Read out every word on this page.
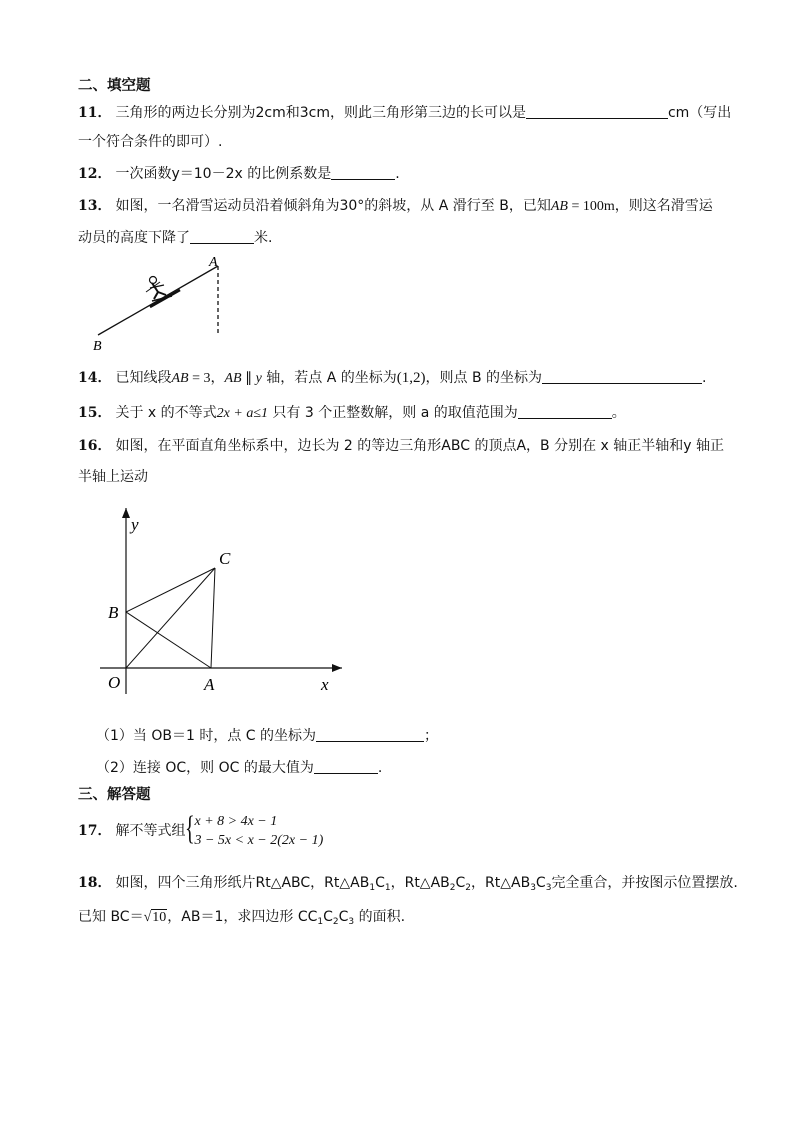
二、填空题
11． 三角形的两边长分别为2cm和3cm，则此三角形第三边的长可以是	cm（写出
一个符合条件的即可）.
12． 一次函数y＝10－2x 的比例系数是	.
13． 如图，一名滑雪运动员沿着倾斜角为30°的斜坡，从 A 滑行至 B，已知AB = 100m，则这名滑雪运
动员的高度下降了	米.
A
B
14． 已知线段AB = 3，AB ∥ y 轴，若点 A 的坐标为(1,2)，则点 B 的坐标为	.
15． 关于 x 的不等式2x + a≤1 只有 3 个正整数解，则 a 的取值范围为	。
16． 如图，在平面直角坐标系中，边长为 2 的等边三角形ABC 的顶点A，B 分别在 x 轴正半轴和y 轴正
半轴上运动
y
x
O	A
B
C
（1）当 OB＝1 时，点 C 的坐标为	；
（2）连接 OC，则 OC 的最大值为	.
三、解答题
17． 解不等式组 { x + 8 > 4x − 1
3 − 5x < x − 2(2x − 1)
18． 如图，四个三角形纸片Rt△ABC，$Rt\triangle AB_1C_1$，$Rt\triangle AB_2C_2$，$Rt\triangle AB_3C_3$完全重合，并按图示位置摆放.
已知 BC＝√10，AB＝1，求四边形 $CC_1C_2C_3$ 的面积.
